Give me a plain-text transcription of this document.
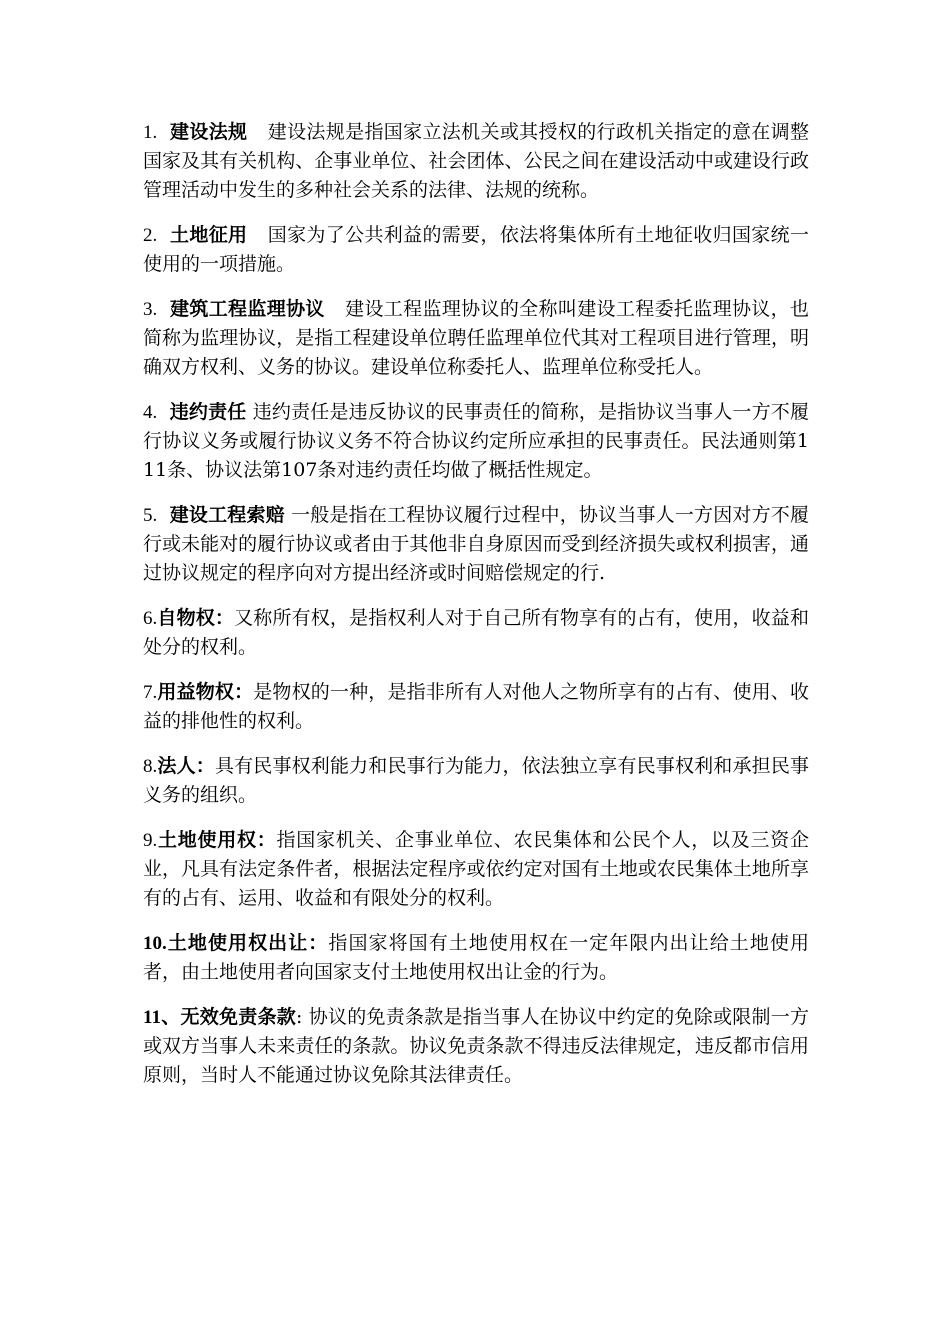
1. 建设法规 建设法规是指国家立法机关或其授权的行政机关指定的意在调整国家及其有关机构、企事业单位、社会团体、公民之间在建设活动中或建设行政管理活动中发生的多种社会关系的法律、法规的统称。

2. 土地征用 国家为了公共利益的需要，依法将集体所有土地征收归国家统一使用的一项措施。

3. 建筑工程监理协议 建设工程监理协议的全称叫建设工程委托监理协议，也简称为监理协议，是指工程建设单位聘任监理单位代其对工程项目进行管理，明确双方权利、义务的协议。建设单位称委托人、监理单位称受托人。

4. 违约责任 违约责任是违反协议的民事责任的简称，是指协议当事人一方不履行协议义务或履行协议义务不符合协议约定所应承担的民事责任。民法通则第111条、协议法第107条对违约责任均做了概括性规定。

5. 建设工程索赔 一般是指在工程协议履行过程中，协议当事人一方因对方不履行或未能对的履行协议或者由于其他非自身原因而受到经济损失或权利损害，通过协议规定的程序向对方提出经济或时间赔偿规定的行.

6.自物权：又称所有权，是指权利人对于自己所有物享有的占有，使用，收益和处分的权利。

7.用益物权：是物权的一种，是指非所有人对他人之物所享有的占有、使用、收益的排他性的权利。

8.法人：具有民事权利能力和民事行为能力，依法独立享有民事权利和承担民事义务的组织。

9.土地使用权：指国家机关、企事业单位、农民集体和公民个人，以及三资企业，凡具有法定条件者，根据法定程序或依约定对国有土地或农民集体土地所享有的占有、运用、收益和有限处分的权利。

10.土地使用权出让：指国家将国有土地使用权在一定年限内出让给土地使用者，由土地使用者向国家支付土地使用权出让金的行为。

11、无效免责条款: 协议的免责条款是指当事人在协议中约定的免除或限制一方或双方当事人未来责任的条款。协议免责条款不得违反法律规定，违反都市信用原则，当时人不能通过协议免除其法律责任。
